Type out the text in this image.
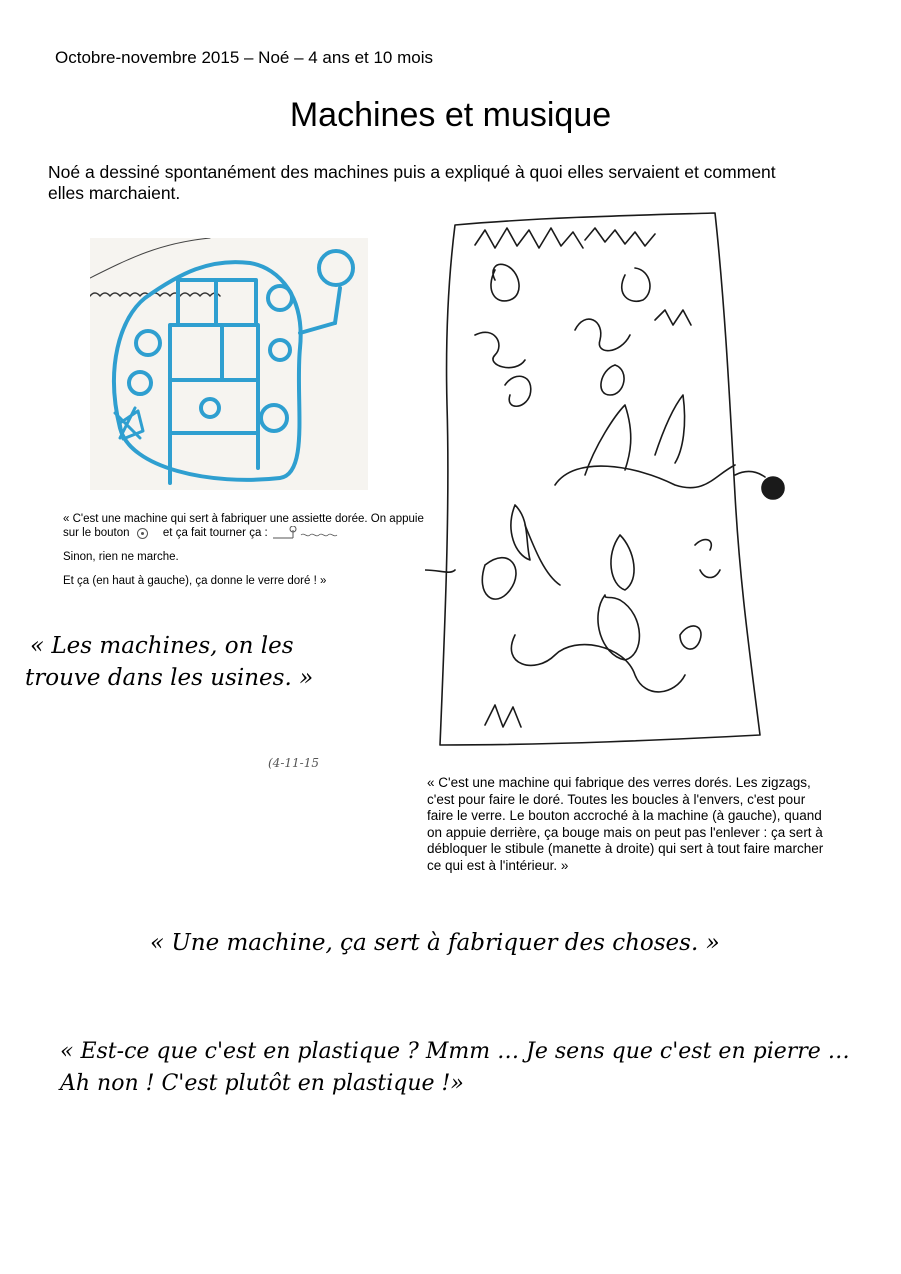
Octobre-novembre 2015 – Noé – 4 ans et 10 mois
Machines et musique
Noé a dessiné spontanément des machines puis a expliqué à quoi elles servaient et comment elles marchaient.

« C'est une machine qui sert à fabriquer une assiette dorée. On appuie sur le bouton	et ça fait tourner ça :

Sinon, rien ne marche.

Et ça (en haut à gauche), ça donne le verre doré ! »

(4-11-15
« C'est une machine qui fabrique des verres dorés. Les zigzags, c'est pour faire le doré. Toutes les boucles à l'envers, c'est pour faire le verre. Le bouton accroché à la machine (à gauche), quand on appuie derrière, ça bouge mais on peut pas l'enlever : ça sert à débloquer le stibule (manette à droite) qui sert à tout faire marcher ce qui est à l'intérieur. »
« Les machines, on les
trouve dans les usines. »
« Une machine, ça sert à fabriquer des choses. »
« Est-ce que c'est en plastique ? Mmm … Je sens que c'est en pierre … Ah non ! C'est plutôt en plastique !»
